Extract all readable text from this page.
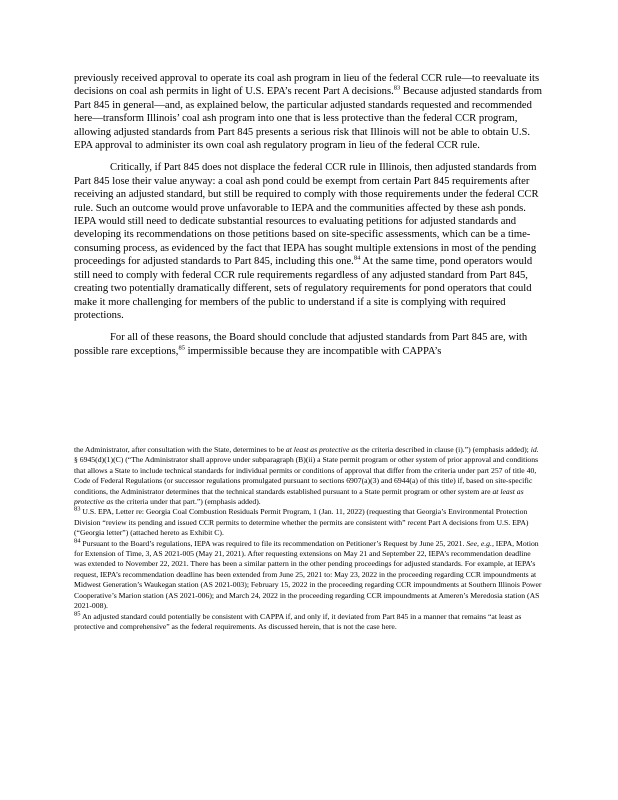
previously received approval to operate its coal ash program in lieu of the federal CCR rule—to reevaluate its decisions on coal ash permits in light of U.S. EPA’s recent Part A decisions.$^{83}$ Because adjusted standards from Part 845 in general—and, as explained below, the particular adjusted standards requested and recommended here—transform Illinois’ coal ash program into one that is less protective than the federal CCR program, allowing adjusted standards from Part 845 presents a serious risk that Illinois will not be able to obtain U.S. EPA approval to administer its own coal ash regulatory program in lieu of the federal CCR rule.

Critically, if Part 845 does not displace the federal CCR rule in Illinois, then adjusted standards from Part 845 lose their value anyway: a coal ash pond could be exempt from certain Part 845 requirements after receiving an adjusted standard, but still be required to comply with those requirements under the federal CCR rule. Such an outcome would prove unfavorable to IEPA and the communities affected by these ash ponds. IEPA would still need to dedicate substantial resources to evaluating petitions for adjusted standards and developing its recommendations on those petitions based on site-specific assessments, which can be a time-consuming process, as evidenced by the fact that IEPA has sought multiple extensions in most of the pending proceedings for adjusted standards to Part 845, including this one.$^{84}$ At the same time, pond operators would still need to comply with federal CCR rule requirements regardless of any adjusted standard from Part 845, creating two potentially dramatically different, sets of regulatory requirements for pond operators that could make it more challenging for members of the public to understand if a site is complying with required protections.

For all of these reasons, the Board should conclude that adjusted standards from Part 845 are, with possible rare exceptions,$^{85}$ impermissible because they are incompatible with CAPPA’s

the Administrator, after consultation with the State, determines to be at least as protective as the criteria described in clause (i).”) (emphasis added); id. § 6945(d)(1)(C) (“The Administrator shall approve under subparagraph (B)(ii) a State permit program or other system of prior approval and conditions that allows a State to include technical standards for individual permits or conditions of approval that differ from the criteria under part 257 of title 40, Code of Federal Regulations (or successor regulations promulgated pursuant to sections 6907(a)(3) and 6944(a) of this title) if, based on site-specific conditions, the Administrator determines that the technical standards established pursuant to a State permit program or other system are at least as protective as the criteria under that part.”) (emphasis added).

$^{83}$ U.S. EPA, Letter re: Georgia Coal Combustion Residuals Permit Program, 1 (Jan. 11, 2022) (requesting that Georgia’s Environmental Protection Division “review its pending and issued CCR permits to determine whether the permits are consistent with” recent Part A decisions from U.S. EPA) (“Georgia letter”) (attached hereto as Exhibit C).

$^{84}$ Pursuant to the Board’s regulations, IEPA was required to file its recommendation on Petitioner’s Request by June 25, 2021. See, e.g., IEPA, Motion for Extension of Time, 3, AS 2021-005 (May 21, 2021). After requesting extensions on May 21 and September 22, IEPA’s recommendation deadline was extended to November 22, 2021. There has been a similar pattern in the other pending proceedings for adjusted standards. For example, at IEPA’s request, IEPA’s recommendation deadline has been extended from June 25, 2021 to: May 23, 2022 in the proceeding regarding CCR impoundments at Midwest Generation’s Waukegan station (AS 2021-003); February 15, 2022 in the proceeding regarding CCR impoundments at Southern Illinois Power Cooperative’s Marion station (AS 2021-006); and March 24, 2022 in the proceeding regarding CCR impoundments at Ameren’s Meredosia station (AS 2021-008).

$^{85}$ An adjusted standard could potentially be consistent with CAPPA if, and only if, it deviated from Part 845 in a manner that remains “at least as protective and comprehensive” as the federal requirements. As discussed herein, that is not the case here.
